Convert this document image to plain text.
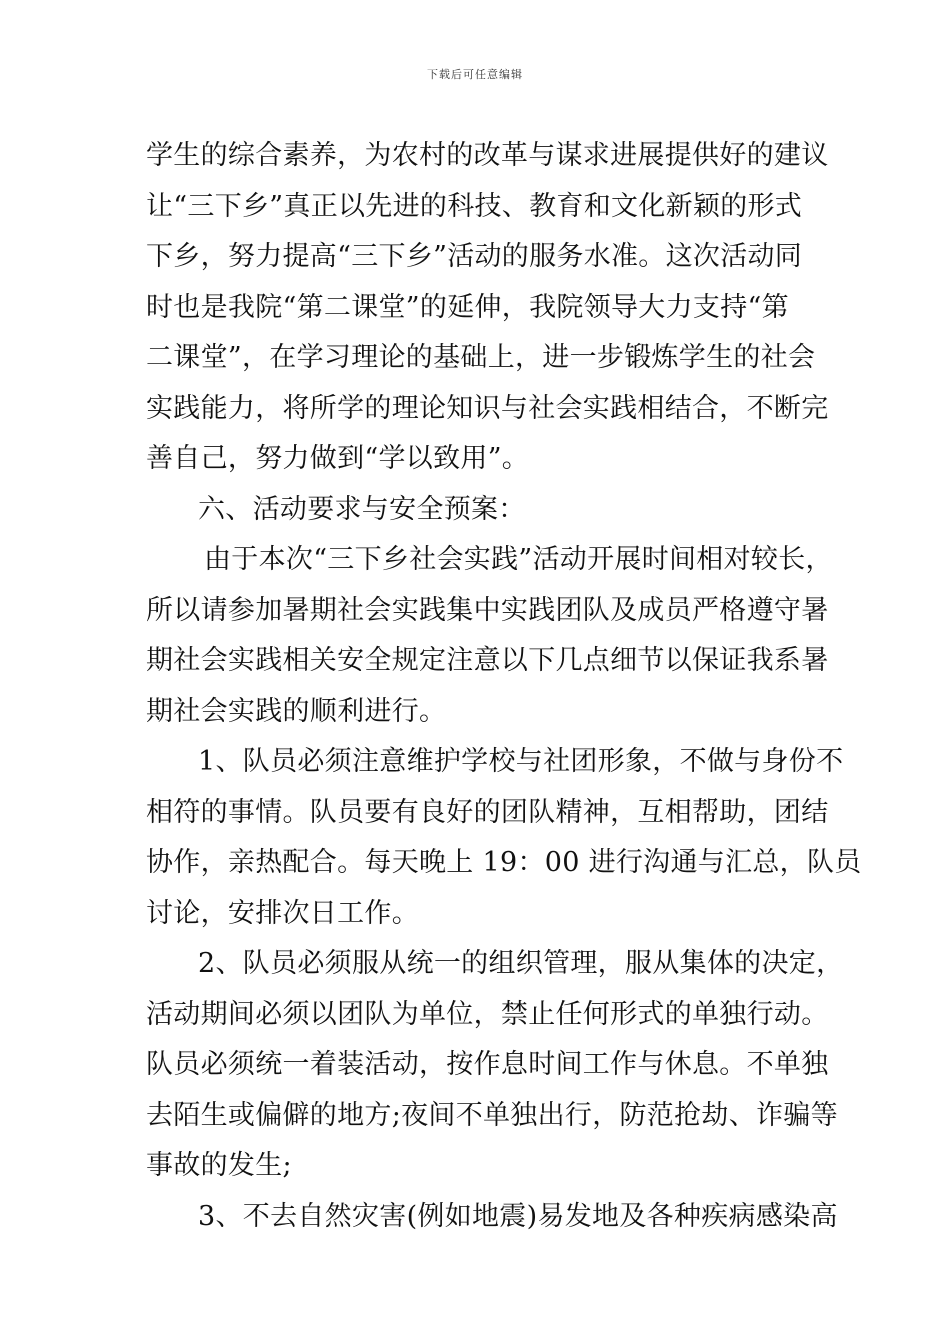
下载后可任意编辑
学生的综合素养，为农村的改革与谋求进展提供好的建议
让“三下乡”真正以先进的科技、教育和文化新颖的形式
下乡，努力提高“三下乡”活动的服务水准。这次活动同
时也是我院“第二课堂”的延伸，我院领导大力支持“第
二课堂”，在学习理论的基础上，进一步锻炼学生的社会
实践能力，将所学的理论知识与社会实践相结合，不断完
善自己，努力做到“学以致用”。
六、活动要求与安全预案：
由于本次“三下乡社会实践”活动开展时间相对较长，
所以请参加暑期社会实践集中实践团队及成员严格遵守暑
期社会实践相关安全规定注意以下几点细节以保证我系暑
期社会实践的顺利进行。
1、队员必须注意维护学校与社团形象，不做与身份不
相符的事情。队员要有良好的团队精神，互相帮助，团结
协作，亲热配合。每天晚上 19：00 进行沟通与汇总，队员
讨论，安排次日工作。
2、队员必须服从统一的组织管理，服从集体的决定，
活动期间必须以团队为单位，禁止任何形式的单独行动。
队员必须统一着装活动，按作息时间工作与休息。不单独
去陌生或偏僻的地方;夜间不单独出行，防范抢劫、诈骗等
事故的发生;
3、不去自然灾害(例如地震)易发地及各种疾病感染高
